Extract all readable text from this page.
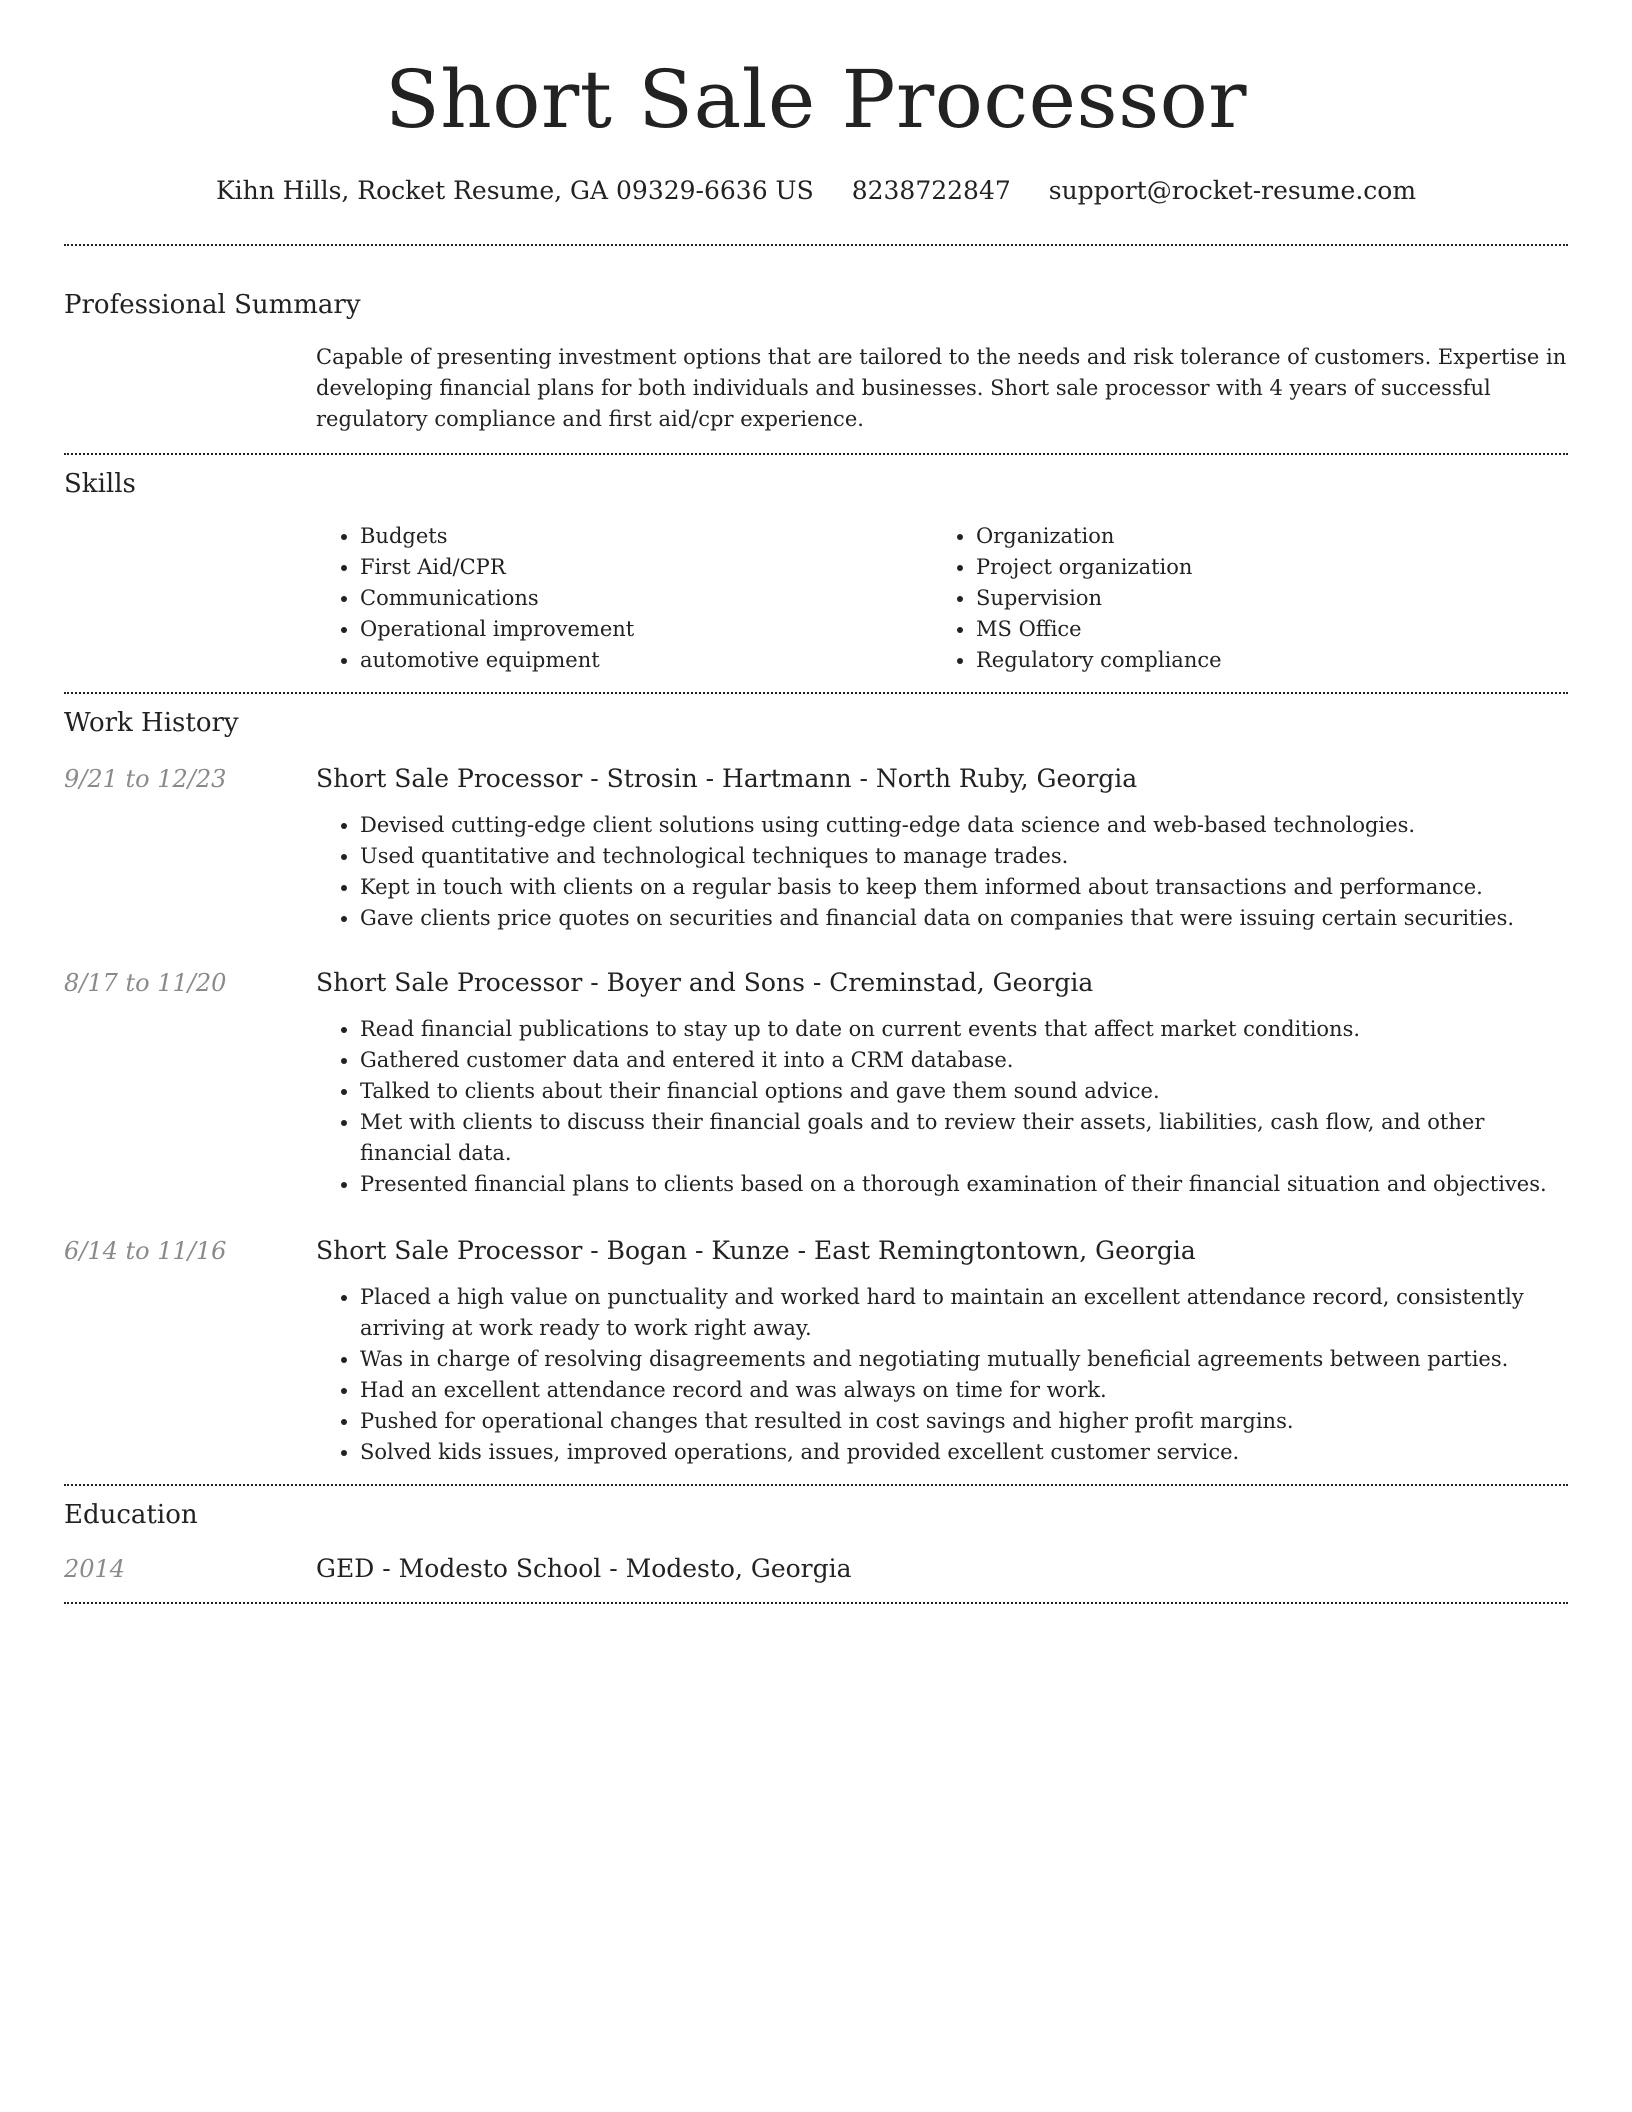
Short Sale Processor
Kihn Hills, Rocket Resume, GA 09329-6636 US 8238722847 support@rocket-resume.com
Professional Summary

Capable of presenting investment options that are tailored to the needs and risk tolerance of customers. Expertise in developing financial plans for both individuals and businesses. Short sale processor with 4 years of successful regulatory compliance and first aid/cpr experience.

Skills
• Budgets
• First Aid/CPR
• Communications
• Operational improvement
• automotive equipment
• Organization
• Project organization
• Supervision
• MS Office
• Regulatory compliance
Work History
9/21 to 12/23	Short Sale Processor - Strosin - Hartmann - North Ruby, Georgia
• Devised cutting-edge client solutions using cutting-edge data science and web-based technologies.
• Used quantitative and technological techniques to manage trades.
• Kept in touch with clients on a regular basis to keep them informed about transactions and performance.
• Gave clients price quotes on securities and financial data on companies that were issuing certain securities.
8/17 to 11/20	Short Sale Processor - Boyer and Sons - Creminstad, Georgia
• Read financial publications to stay up to date on current events that affect market conditions.
• Gathered customer data and entered it into a CRM database.
• Talked to clients about their financial options and gave them sound advice.
• Met with clients to discuss their financial goals and to review their assets, liabilities, cash flow, and other financial data.
• Presented financial plans to clients based on a thorough examination of their financial situation and objectives.
6/14 to 11/16	Short Sale Processor - Bogan - Kunze - East Remingtontown, Georgia
• Placed a high value on punctuality and worked hard to maintain an excellent attendance record, consistently arriving at work ready to work right away.
• Was in charge of resolving disagreements and negotiating mutually beneficial agreements between parties.
• Had an excellent attendance record and was always on time for work.
• Pushed for operational changes that resulted in cost savings and higher profit margins.
• Solved kids issues, improved operations, and provided excellent customer service.
Education
2014	GED - Modesto School - Modesto, Georgia
